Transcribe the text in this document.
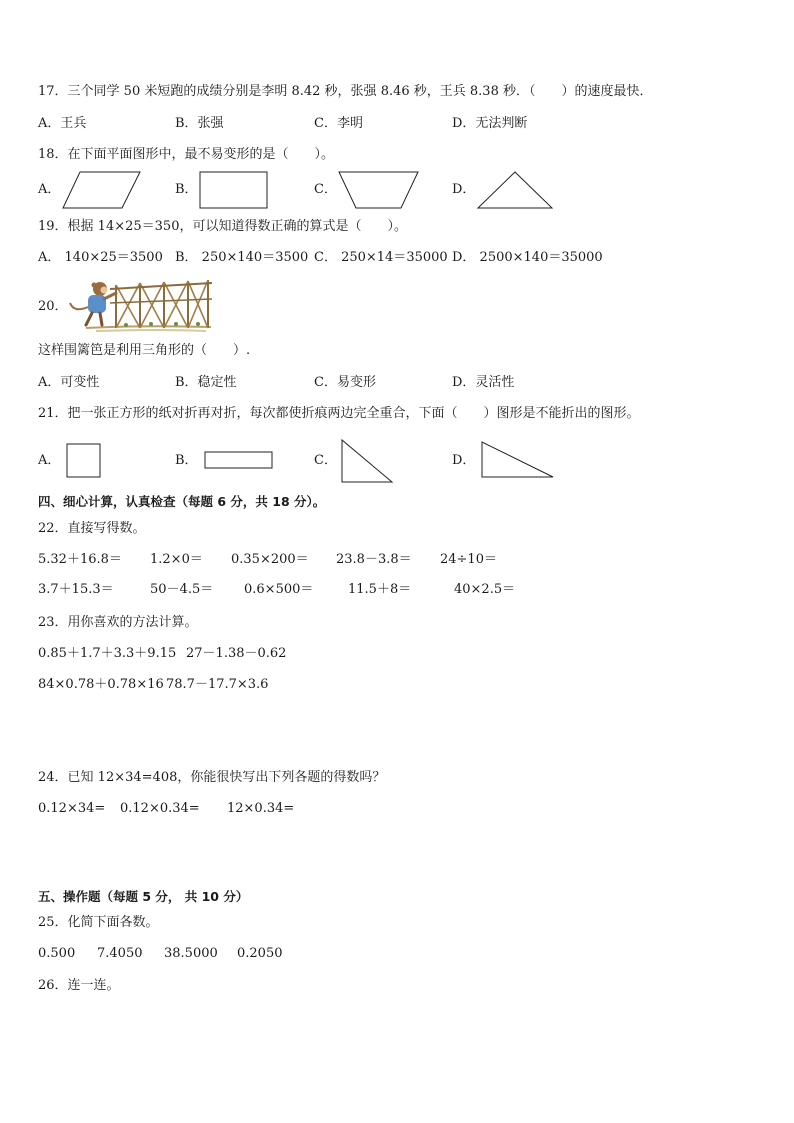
17．三个同学 50 米短跑的成绩分别是李明 8.42 秒，张强 8.46 秒，王兵 8.38 秒．（　　）的速度最快．
A．王兵	B．张强	C．李明	D．无法判断
18．在下面平面图形中，最不易变形的是（　　）。
A．	B．	C．	D．
19．根据 14×25＝350，可以知道得数正确的算式是（　　）。
A． 140×25＝3500 B． 250×140＝3500 C． 250×14＝35000 D． 2500×140＝35000
20．
这样围篱笆是利用三角形的（　　）.
A．可变性	B．稳定性	C．易变形	D．灵活性
21．把一张正方形的纸对折再对折，每次都使折痕两边完全重合，下面（　　）图形是不能折出的图形。
A．	B．	C．	D．
四、细心计算，认真检查（每题 6 分，共 18 分）。
22．直接写得数。
5.32＋16.8＝ 1.2×0＝ 0.35×200＝ 23.8－3.8＝ 24÷10＝
3.7＋15.3＝	50－4.5＝ 0.6×500＝	11.5＋8＝	40×2.5＝
23．用你喜欢的方法计算。
0.85＋1.7＋3.3＋9.15 27－1.38－0.62
84×0.78＋0.78×16 78.7－17.7×3.6
24．已知 12×34=408，你能很快写出下列各题的得数吗？
0.12×34= 0.12×0.34= 12×0.34=
五、操作题（每题 5 分， 共 10 分）
25．化简下面各数。
0.500 7.4050 38.5000 0.2050
26．连一连。
